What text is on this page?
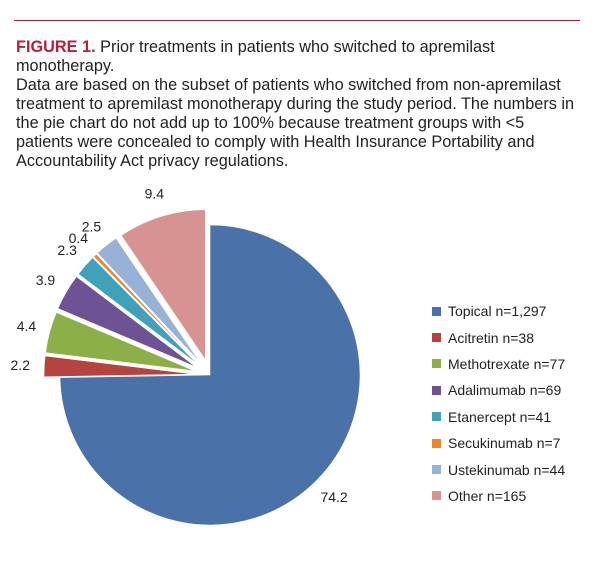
FIGURE 1. Prior treatments in patients who switched to apremilast monotherapy.
Data are based on the subset of patients who switched from non-apremilast treatment to apremilast monotherapy during the study period. The numbers in the pie chart do not add up to 100% because treatment groups with <5 patients were concealed to comply with Health Insurance Portability and Accountability Act privacy regulations.
74.2
2.2
4.4
3.9
2.3
0.4
2.5
9.4
Topical n=1,297
Acitretin n=38
Methotrexate n=77
Adalimumab n=69
Etanercept n=41
Secukinumab n=7
Ustekinumab n=44
Other n=165
